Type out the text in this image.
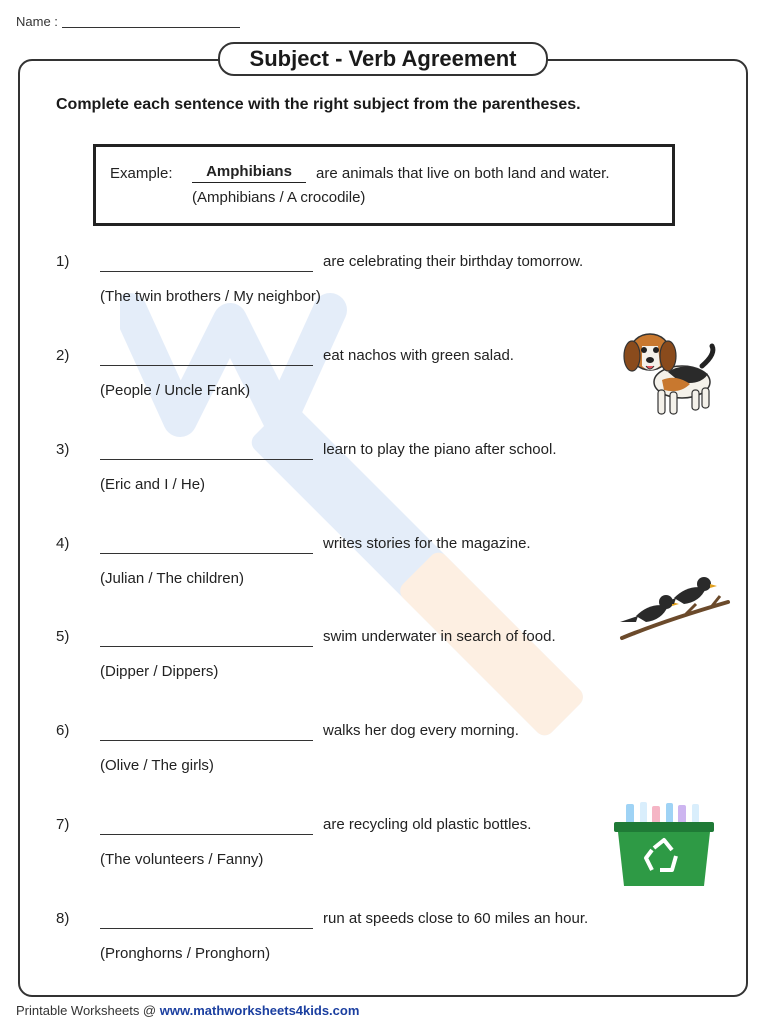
Name :
Subject - Verb Agreement
Complete each sentence with the right subject from the parentheses.
Example:	Amphibians	are animals that live on both land and water.
(Amphibians / A crocodile)
1)	are celebrating their birthday tomorrow.
(The twin brothers / My neighbor)
2)	eat nachos with green salad.
(People / Uncle Frank)
3)	learn to play the piano after school.
(Eric and I / He)
4)	writes stories for the magazine.
(Julian / The children)
5)	swim underwater in search of food.
(Dipper / Dippers)
6)	walks her dog every morning.
(Olive / The girls)
7)	are recycling old plastic bottles.
(The volunteers / Fanny)
8)	run at speeds close to 60 miles an hour.
(Pronghorns / Pronghorn)
Printable Worksheets @ www.mathworksheets4kids.com
